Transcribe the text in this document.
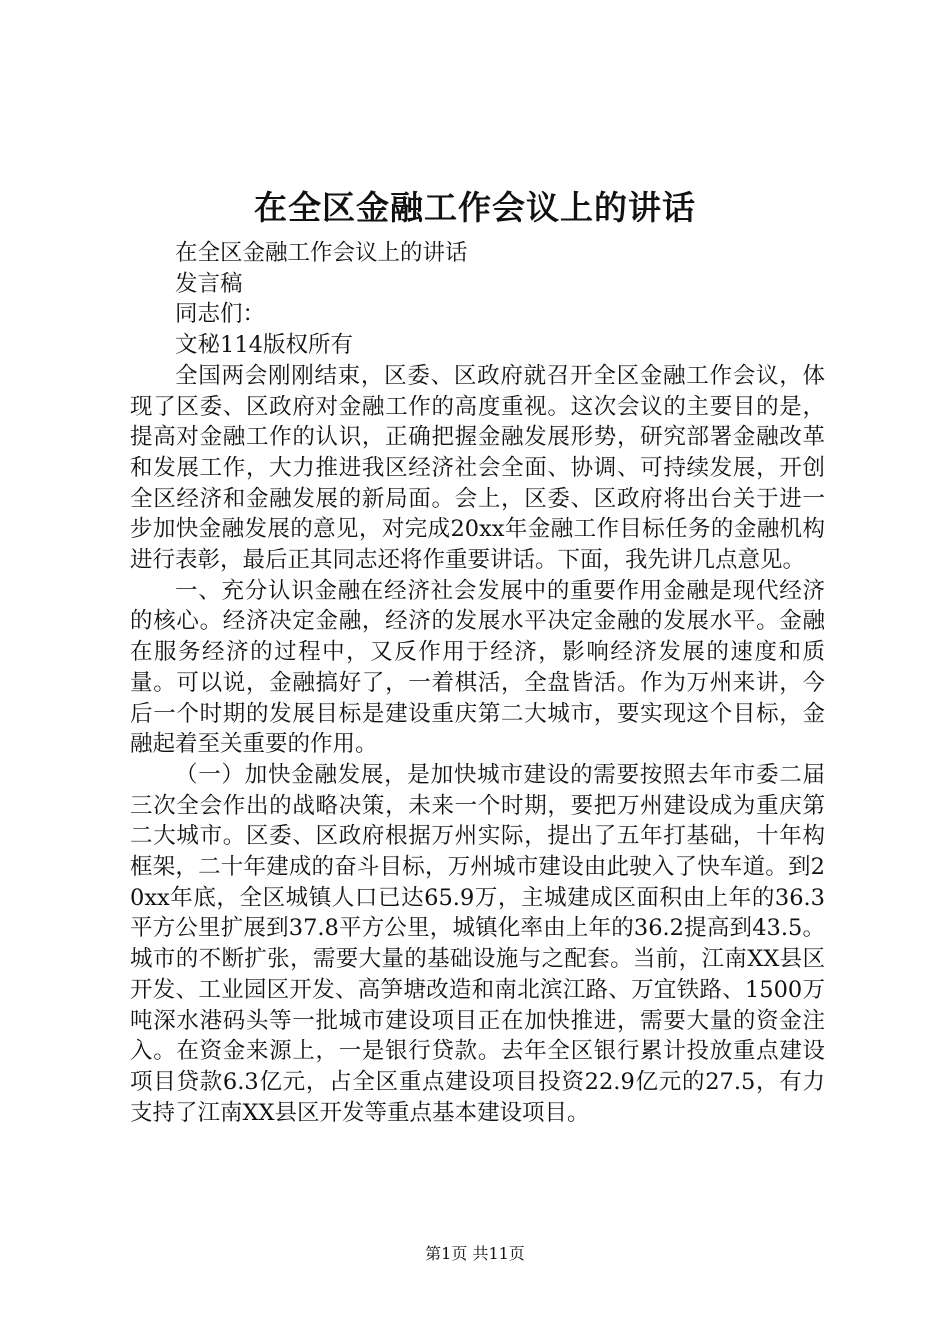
在全区金融工作会议上的讲话

在全区金融工作会议上的讲话

发言稿

同志们：

文秘114版权所有

全国两会刚刚结束，区委、区政府就召开全区金融工作会议，体现了区委、区政府对金融工作的高度重视。这次会议的主要目的是，提高对金融工作的认识，正确把握金融发展形势，研究部署金融改革和发展工作，大力推进我区经济社会全面、协调、可持续发展，开创全区经济和金融发展的新局面。会上，区委、区政府将出台关于进一步加快金融发展的意见，对完成20xx年金融工作目标任务的金融机构进行表彰，最后正其同志还将作重要讲话。下面，我先讲几点意见。

一、充分认识金融在经济社会发展中的重要作用金融是现代经济的核心。经济决定金融，经济的发展水平决定金融的发展水平。金融在服务经济的过程中，又反作用于经济，影响经济发展的速度和质量。可以说，金融搞好了，一着棋活，全盘皆活。作为万州来讲，今后一个时期的发展目标是建设重庆第二大城市，要实现这个目标，金融起着至关重要的作用。

（一）加快金融发展，是加快城市建设的需要按照去年市委二届三次全会作出的战略决策，未来一个时期，要把万州建设成为重庆第二大城市。区委、区政府根据万州实际，提出了五年打基础，十年构框架，二十年建成的奋斗目标，万州城市建设由此驶入了快车道。到20xx年底，全区城镇人口已达65.9万，主城建成区面积由上年的36.3平方公里扩展到37.8平方公里，城镇化率由上年的36.2提高到43.5。城市的不断扩张，需要大量的基础设施与之配套。当前，江南XX县区开发、工业园区开发、高笋塘改造和南北滨江路、万宜铁路、1500万吨深水港码头等一批城市建设项目正在加快推进，需要大量的资金注入。在资金来源上，一是银行贷款。去年全区银行累计投放重点建设项目贷款6.3亿元，占全区重点建设项目投资22.9亿元的27.5，有力支持了江南XX县区开发等重点基本建设项目。

第1页 共11页
